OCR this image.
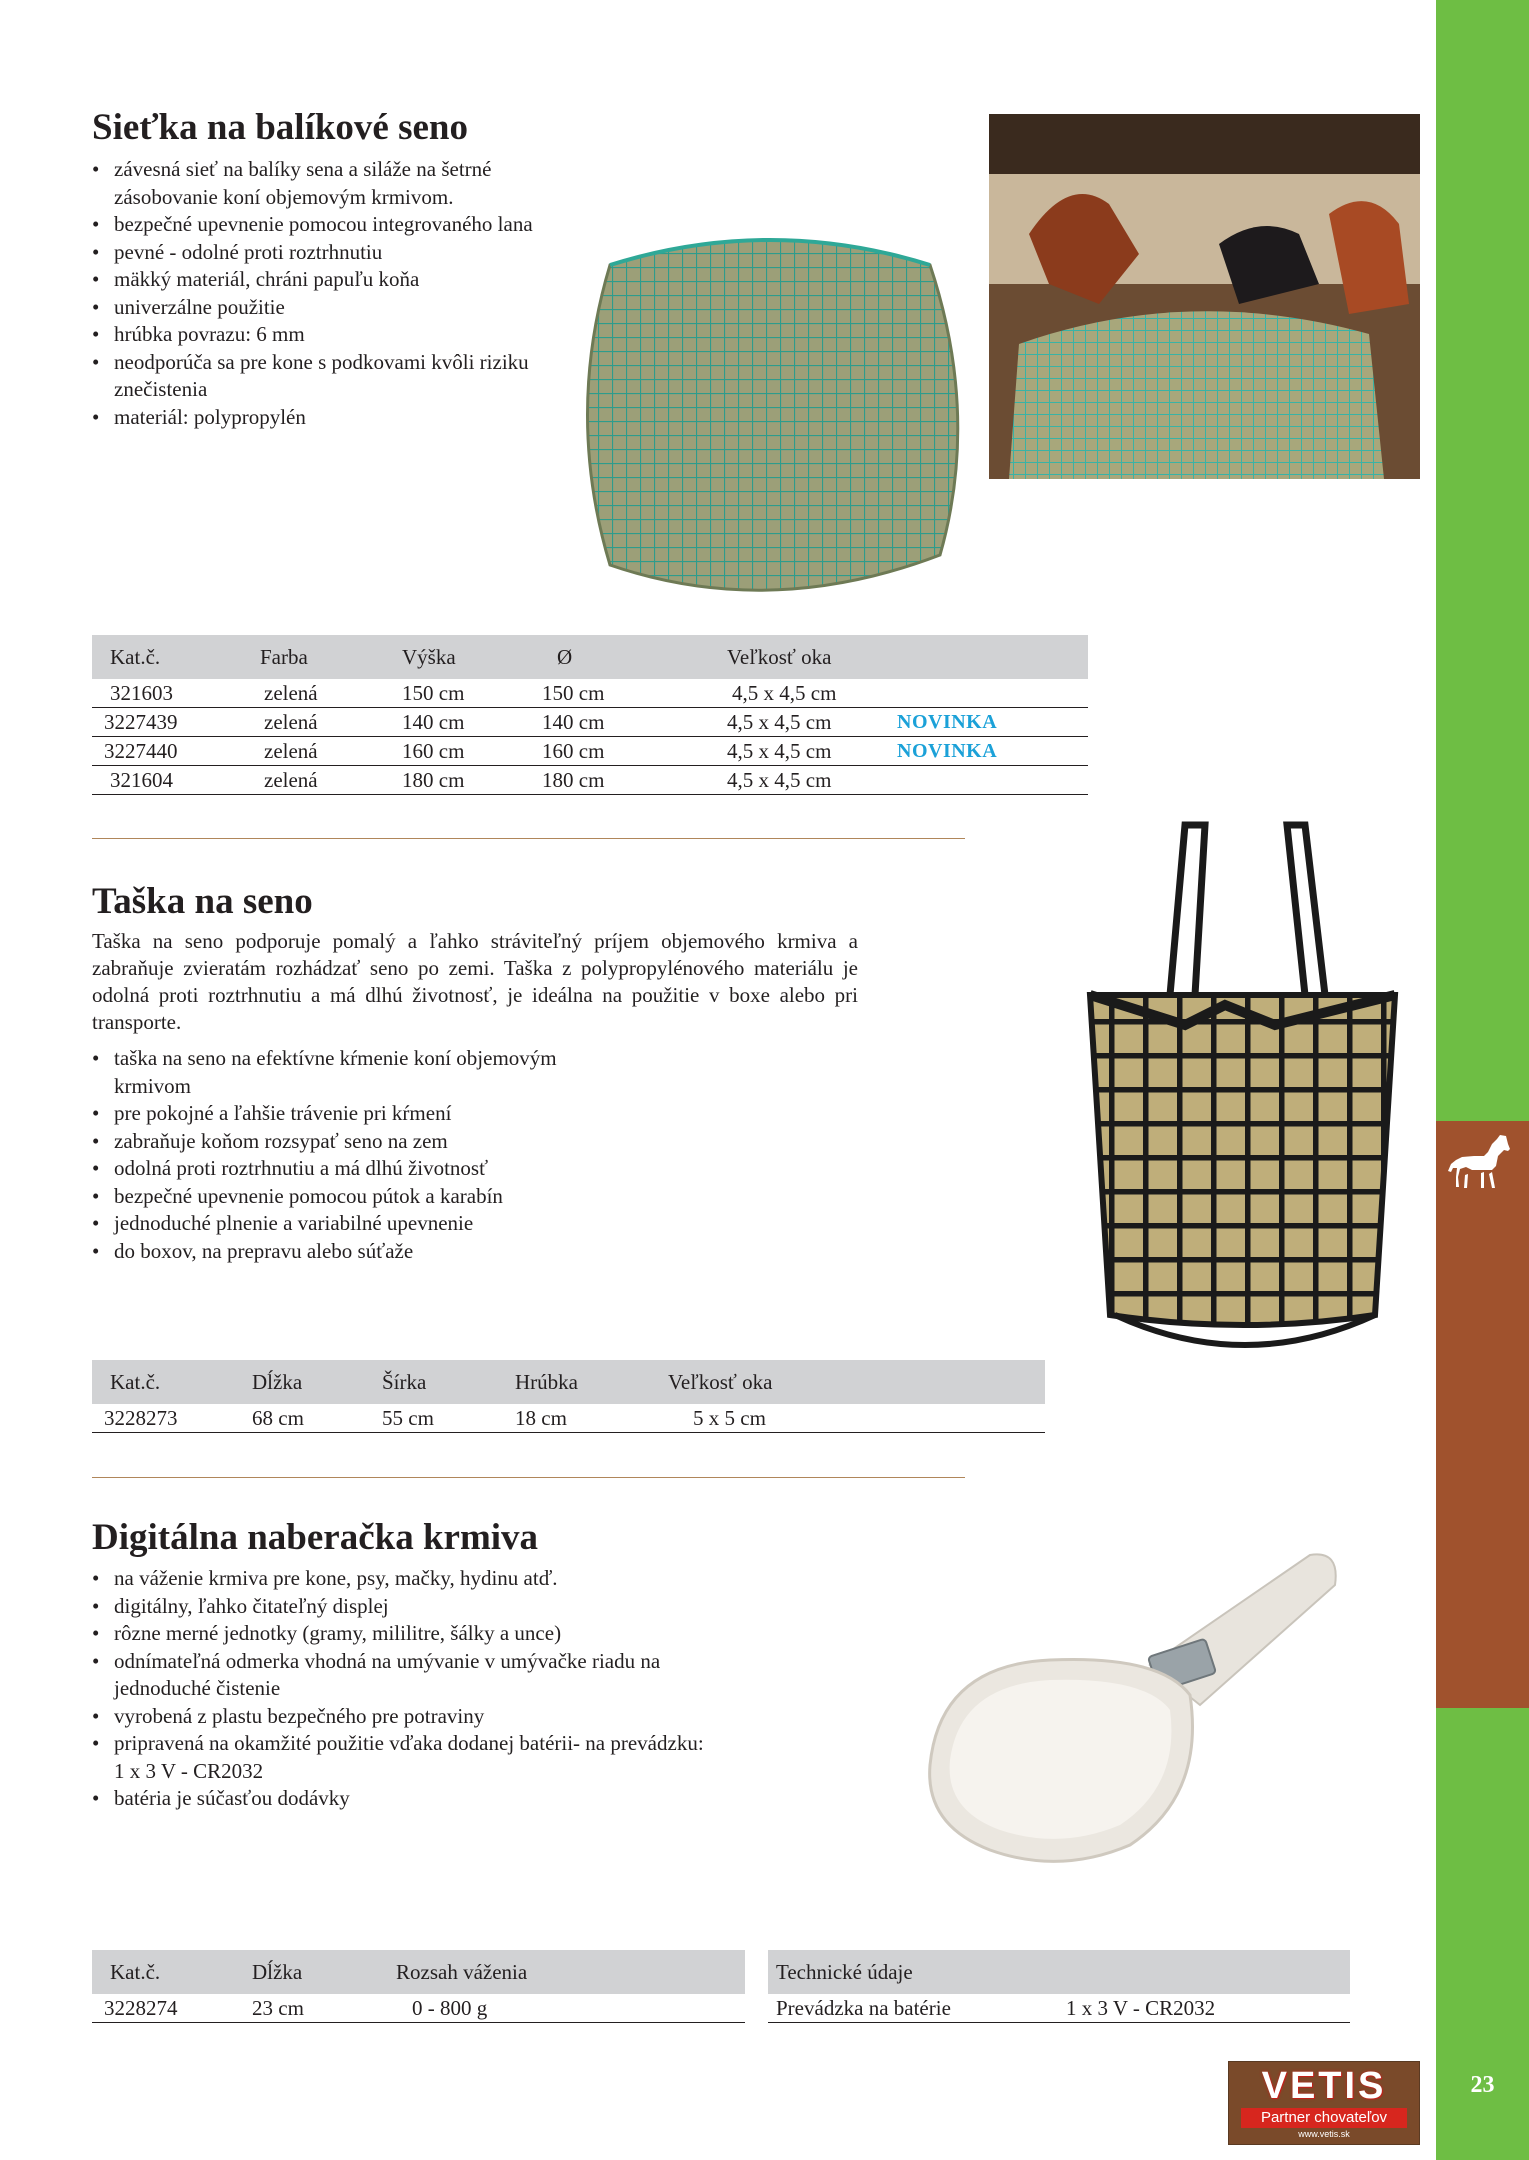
23
Sieťka na balíkové seno
• závesná sieť na balíky sena a siláže na šetrné zásobovanie koní objemovým krmivom.
• bezpečné upevnenie pomocou integrovaného lana
• pevné - odolné proti roztrhnutiu
• mäkký materiál, chráni papuľu koňa
• univerzálne použitie
• hrúbka povrazu: 6 mm
• neodporúča sa pre kone s podkovami kvôli riziku znečistenia
• materiál: polypropylén
Kat.č.	Farba	Výška	Ø	Veľkosť oka	
321603	zelená	150 cm	150 cm	4,5 x 4,5 cm	
3227439	zelená	140 cm	140 cm	4,5 x 4,5 cm	NOVINKA
3227440	zelená	160 cm	160 cm	4,5 x 4,5 cm	NOVINKA
321604	zelená	180 cm	180 cm	4,5 x 4,5 cm	
Taška na seno
Taška na seno podporuje pomalý a ľahko stráviteľný príjem objemového krmiva a zabraňuje zvieratám rozhádzať seno po zemi. Taška z polypropylénového materiálu je odolná proti roztrhnutiu a má dlhú životnosť, je ideálna na použitie v boxe alebo pri transporte.
• taška na seno na efektívne kŕmenie koní objemovým krmivom
• pre pokojné a ľahšie trávenie pri kŕmení
• zabraňuje koňom rozsypať seno na zem
• odolná proti roztrhnutiu a má dlhú životnosť
• bezpečné upevnenie pomocou pútok a karabín
• jednoduché plnenie a variabilné upevnenie
• do boxov, na prepravu alebo súťaže
Kat.č.	Dĺžka	Šírka	Hrúbka	Veľkosť oka
3228273	68 cm	55 cm	18 cm	5 x 5 cm
Digitálna naberačka krmiva
• na váženie krmiva pre kone, psy, mačky, hydinu atď.
• digitálny, ľahko čitateľný displej
• rôzne merné jednotky (gramy, mililitre, šálky a unce)
• odnímateľná odmerka vhodná na umývanie v umývačke riadu na jednoduché čistenie
• vyrobená z plastu bezpečného pre potraviny
• pripravená na okamžité použitie vďaka dodanej batérii- na prevádzku: 1 x 3 V - CR2032
• batéria je súčasťou dodávky
Kat.č.	Dĺžka	Rozsah váženia
3228274	23 cm	0 - 800 g
Technické údaje
Prevádzka na batérie	1 x 3 V - CR2032
VETIS
Partner chovateľov
www.vetis.sk
